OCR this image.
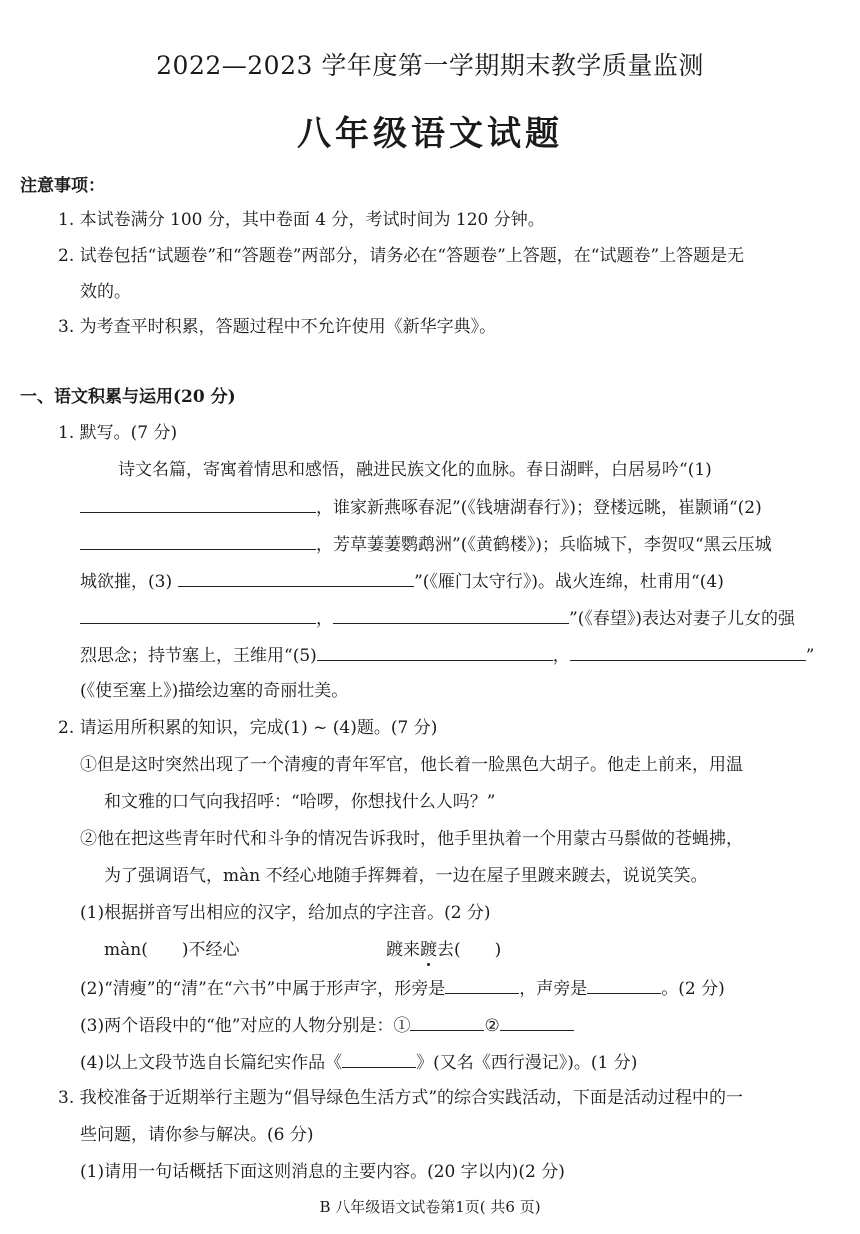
2022—2023 学年度第一学期期末教学质量监测
八年级语文试题
注意事项：
1. 本试卷满分 100 分，其中卷面 4 分，考试时间为 120 分钟。
2. 试卷包括“试题卷”和“答题卷”两部分，请务必在“答题卷”上答题，在“试题卷”上答题是无
效的。
3. 为考查平时积累，答题过程中不允许使用《新华字典》。
一、语文积累与运用(20 分)
1. 默写。(7 分)
诗文名篇，寄寓着情思和感悟，融进民族文化的血脉。春日湖畔，白居易吟“(1)
，谁家新燕啄春泥”(《钱塘湖春行》)；登楼远眺，崔颢诵“(2)
，芳草萋萋鹦鹉洲”(《黄鹤楼》)；兵临城下，李贺叹“黑云压城
城欲摧，(3)	”(《雁门太守行》)。战火连绵，杜甫用“(4)
，	”(《春望》)表达对妻子儿女的强
烈思念；持节塞上，王维用“(5)	，	”
(《使至塞上》)描绘边塞的奇丽壮美。
2. 请运用所积累的知识，完成(1) ~ (4)题。(7 分)
①但是这时突然出现了一个清瘦的青年军官，他长着一脸黑色大胡子。他走上前来，用温
和文雅的口气向我招呼：“哈啰，你想找什么人吗？”
②他在把这些青年时代和斗争的情况告诉我时，他手里执着一个用蒙古马鬃做的苍蝇拂，
为了强调语气，màn 不经心地随手挥舞着，一边在屋子里踱来踱去，说说笑笑。
(1)根据拼音写出相应的汉字，给加点的字注音。(2 分)
màn(　　)不经心	踱来踱去(　　)
(2)“清瘦”的“清”在“六书”中属于形声字，形旁是	，声旁是	。(2 分)
(3)两个语段中的“他”对应的人物分别是：①	②
(4)以上文段节选自长篇纪实作品《	》(又名《西行漫记》)。(1 分)
3. 我校准备于近期举行主题为“倡导绿色生活方式”的综合实践活动，下面是活动过程中的一
些问题，请你参与解决。(6 分)
(1)请用一句话概括下面这则消息的主要内容。(20 字以内)(2 分)
B 八年级语文试卷第1页( 共6 页)
